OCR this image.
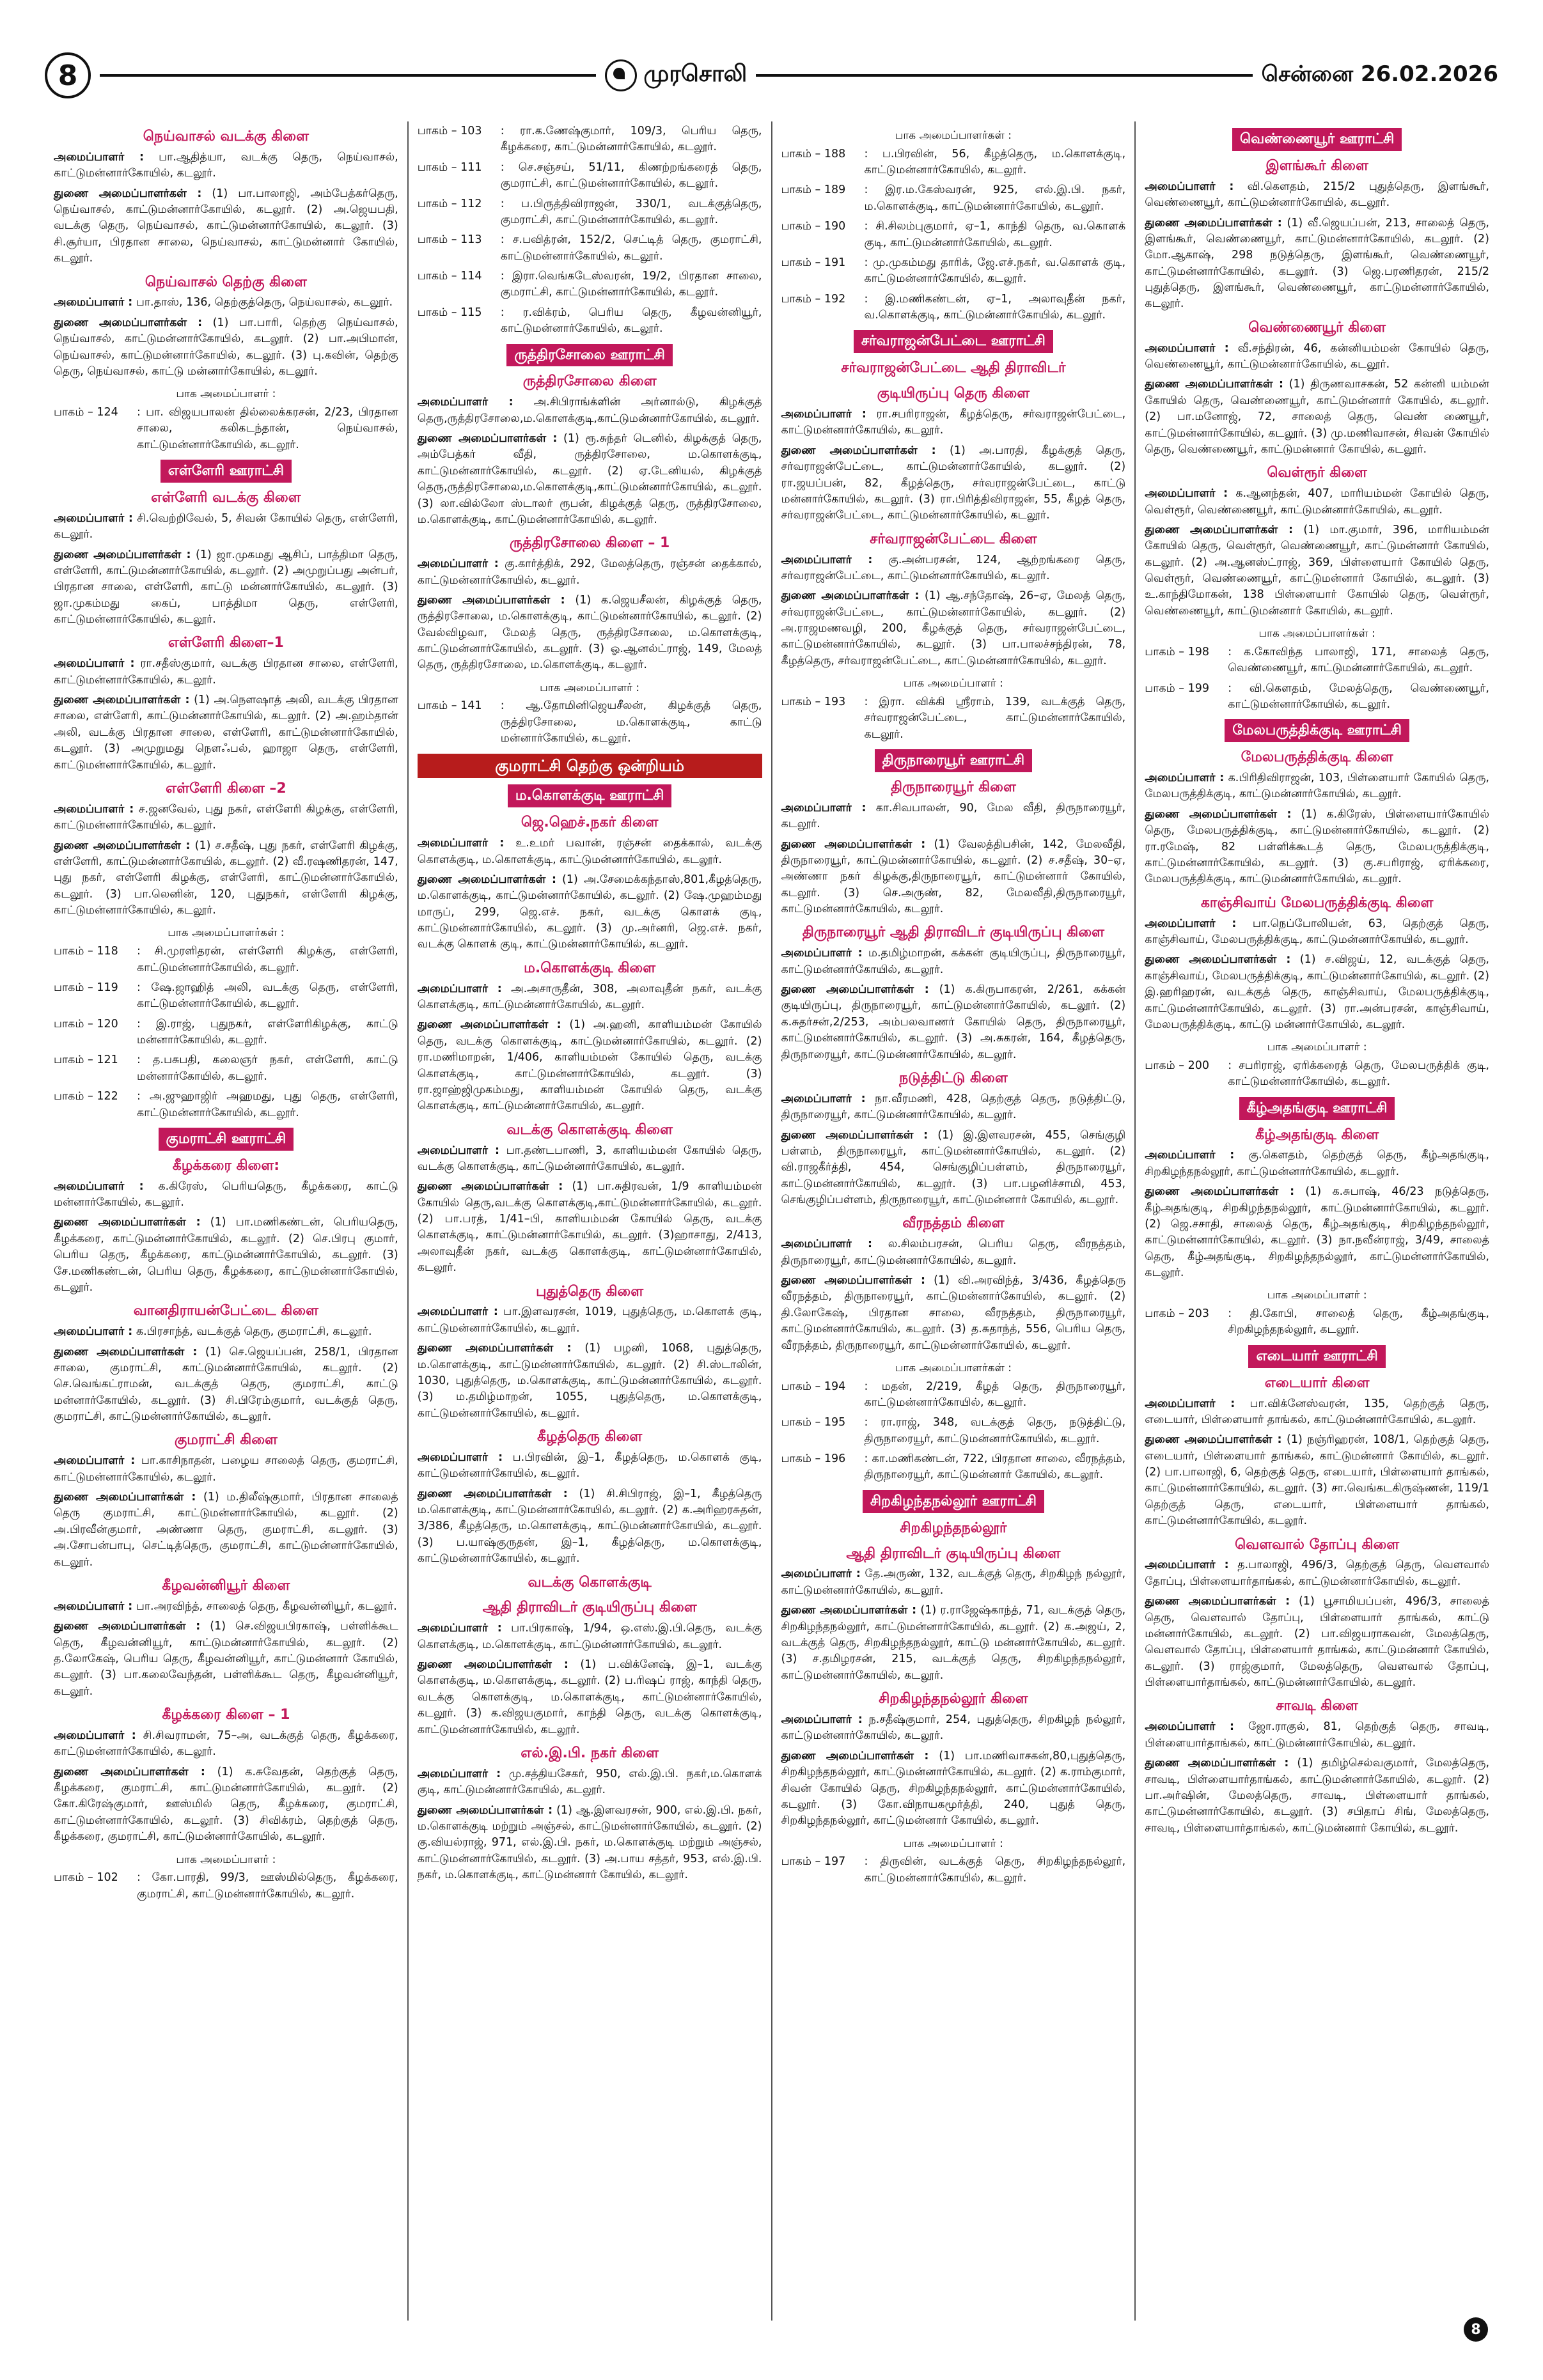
8	முரசொலி	சென்னை 26.02.2026
நெய்வாசல் வடக்கு கிளை

அமைப்பாளர் : பா.ஆதித்யா, வடக்கு தெரு, நெய்வாசல், காட்டுமன்னார்கோயில், கடலூர்.

துணை அமைப்பாளர்கள் : (1) பா.பாலாஜி, அம்பேத்கர்தெரு, நெய்வாசல், காட்டுமன்னார்கோயில், கடலூர். (2) அ.ஜெயபதி, வடக்கு தெரு, நெய்வாசல், காட்டுமன்னார்கோயில், கடலூர். (3) சி.சூர்யா, பிரதான சாலை, நெய்வாசல், காட்டுமன்னார் கோயில், கடலூர்.

நெய்வாசல் தெற்கு கிளை

அமைப்பாளர் : பா.தாஸ், 136, தெற்குத்தெரு, நெய்வாசல், கடலூர்.

துணை அமைப்பாளர்கள் : (1) பா.பாரி, தெற்கு நெய்வாசல், நெய்வாசல், காட்டுமன்னார்கோயில், கடலூர். (2) பா.அபிமான், நெய்வாசல், காட்டுமன்னார்கோயில், கடலூர். (3) பு.கவின், தெற்கு தெரு, நெய்வாசல், காட்டு மன்னார்கோயில், கடலூர்.

பாக அமைப்பாளர் :
பாகம் – 124	: பா. விஜயபாலன் தில்லைக்கரசன், 2/23, பிரதான சாலை, கலிகடந்தான், நெய்வாசல், காட்டுமன்னார்கோயில், கடலூர்.
எள்ளேரி ஊராட்சி
எள்ளேரி வடக்கு கிளை

அமைப்பாளர் : சி.வெற்றிவேல், 5, சிவன் கோயில் தெரு, எள்ளேரி, கடலூர்.

துணை அமைப்பாளர்கள் : (1) ஜா.முகமது ஆசிப், பாத்திமா தெரு, எள்ளேரி, காட்டுமன்னார்கோயில், கடலூர். (2) அமுறுப்பது அன்பர், பிரதான சாலை, எள்ளேரி, காட்டு மன்னார்கோயில், கடலூர். (3) ஜா.முகம்மது கைப், பாத்திமா தெரு, எள்ளேரி, காட்டுமன்னார்கோயில், கடலூர்.

எள்ளேரி கிளை–1

அமைப்பாளர் : ரா.சதீஸ்குமார், வடக்கு பிரதான சாலை, எள்ளேரி, காட்டுமன்னார்கோயில், கடலூர்.

துணை அமைப்பாளர்கள் : (1) அ.நௌஷாத் அலி, வடக்கு பிரதான சாலை, எள்ளேரி, காட்டுமன்னார்கோயில், கடலூர். (2) அ.ஹம்தான் அலி, வடக்கு பிரதான சாலை, எள்ளேரி, காட்டுமன்னார்கோயில், கடலூர். (3) அமுறுமது நௌஃபல், ஹாஜா தெரு, எள்ளேரி, காட்டுமன்னார்கோயில், கடலூர்.

எள்ளேரி கிளை –2

அமைப்பாளர் : ச.ஜனவேல், புது நகர், எள்ளேரி கிழக்கு, எள்ளேரி, காட்டுமன்னார்கோயில், கடலூர்.

துணை அமைப்பாளர்கள் : (1) ச.சதீஷ், புது நகர், எள்ளேரி கிழக்கு, எள்ளேரி, காட்டுமன்னார்கோயில், கடலூர். (2) வீ.ரஷணிதரன், 147, புது நகர், எள்ளேரி கிழக்கு, எள்ளேரி, காட்டுமன்னார்கோயில், கடலூர். (3) பா.லெனின், 120, புதுநகர், எள்ளேரி கிழக்கு, காட்டுமன்னார்கோயில், கடலூர்.

பாக அமைப்பாளர்கள் :
பாகம் – 118	: சி.முரளிதரன், எள்ளேரி கிழக்கு, எள்ளேரி, காட்டுமன்னார்கோயில், கடலூர்.
பாகம் – 119	: ஷே.ஜாஹித் அலி, வடக்கு தெரு, எள்ளேரி, காட்டுமன்னார்கோயில், கடலூர்.
பாகம் – 120	: இ.ராஜ், புதுநகர், எள்ளேரிகிழக்கு, காட்டு மன்னார்கோயில், கடலூர்.
பாகம் – 121	: த.பசுபதி, கலைஞர் நகர், எள்ளேரி, காட்டு மன்னார்கோயில், கடலூர்.
பாகம் – 122	: அ.ஜுஹாஜிர் அஹமது, புது தெரு, எள்ளேரி, காட்டுமன்னார்கோயில், கடலூர்.
குமராட்சி ஊராட்சி
கீழக்கரை கிளை:

அமைப்பாளர் : க.கிரேஸ், பெரியதெரு, கீழக்கரை, காட்டு மன்னார்கோயில், கடலூர்.

துணை அமைப்பாளர்கள் : (1) பா.மணிகண்டன், பெரியதெரு, கீழக்கரை, காட்டுமன்னார்கோயில், கடலூர். (2) செ.பிரபு குமார், பெரிய தெரு, கீழக்கரை, காட்டுமன்னார்கோயில், கடலூர். (3) சே.மணிகண்டன், பெரிய தெரு, கீழக்கரை, காட்டுமன்னார்கோயில், கடலூர்.

வானதிராயன்பேட்டை கிளை

அமைப்பாளர் : க.பிரசாந்த், வடக்குத் தெரு, குமராட்சி, கடலூர்.

துணை அமைப்பாளர்கள் : (1) செ.ஜெயப்பன், 258/1, பிரதான சாலை, குமராட்சி, காட்டுமன்னார்கோயில், கடலூர். (2) செ.வெங்கட்ராமன், வடக்குத் தெரு, குமராட்சி, காட்டு மன்னார்கோயில், கடலூர். (3) சி.பிரேம்குமார், வடக்குத் தெரு, குமராட்சி, காட்டுமன்னார்கோயில், கடலூர்.

குமராட்சி கிளை

அமைப்பாளர் : பா.காசிநாதன், பழைய சாலைத் தெரு, குமராட்சி, காட்டுமன்னார்கோயில், கடலூர்.

துணை அமைப்பாளர்கள் : (1) ம.திலீஷ்குமார், பிரதான சாலைத் தெரு குமராட்சி, காட்டுமன்னார்கோயில், கடலூர். (2) அ.பிரவீன்குமார், அண்ணா தெரு, குமராட்சி, கடலூர். (3) அ.சோபன்பாபு, செட்டித்தெரு, குமராட்சி, காட்டுமன்னார்கோயில், கடலூர்.

கீழவன்னியூர் கிளை

அமைப்பாளர் : பா.அரவிந்த், சாலைத் தெரு, கீழவன்னியூர், கடலூர்.

துணை அமைப்பாளர்கள் : (1) செ.விஜயபிரகாஷ், பள்ளிக்கூட தெரு, கீழவன்னியூர், காட்டுமன்னார்கோயில், கடலூர். (2) த.லோகேஷ், பெரிய தெரு, கீழவன்னியூர், காட்டுமன்னார் கோயில், கடலூர். (3) பா.கலைவேந்தன், பள்ளிக்கூட தெரு, கீழவன்னியூர், கடலூர்.

கீழக்கரை கிளை – 1

அமைப்பாளர் : சி.சிவராமன், 75–அ, வடக்குத் தெரு, கீழக்கரை, காட்டுமன்னார்கோயில், கடலூர்.

துணை அமைப்பாளர்கள் : (1) க.சுவேதன், தெற்குத் தெரு, கீழக்கரை, குமராட்சி, காட்டுமன்னார்கோயில், கடலூர். (2) கோ.கிரேஷ்குமார், ஊஸ்மில் தெரு, கீழக்கரை, குமராட்சி, காட்டுமன்னார்கோயில், கடலூர். (3) சிவிக்ரம், தெற்குத் தெரு, கீழக்கரை, குமராட்சி, காட்டுமன்னார்கோயில், கடலூர்.

பாக அமைப்பாளர் :
பாகம் – 102	: கோ.பாரதி, 99/3, ஊஸ்மில்தெரு, கீழக்கரை, குமராட்சி, காட்டுமன்னார்கோயில், கடலூர்.
பாகம் – 103	: ரா.க.ணேஷ்குமார், 109/3, பெரிய தெரு, கீழக்கரை, காட்டுமன்னார்கோயில், கடலூர்.
பாகம் – 111	: செ.சஞ்சய், 51/11, கிணற்றங்கரைத் தெரு, குமராட்சி, காட்டுமன்னார்கோயில், கடலூர்.
பாகம் – 112	: ப.பிருத்திவிராஜன், 330/1, வடக்குத்தெரு, குமராட்சி, காட்டுமன்னார்கோயில், கடலூர்.
பாகம் – 113	: ச.பவித்ரன், 152/2, செட்டித் தெரு, குமராட்சி, காட்டுமன்னார்கோயில், கடலூர்.
பாகம் – 114	: இரா.வெங்கடேஸ்வரன், 19/2, பிரதான சாலை, குமராட்சி, காட்டுமன்னார்கோயில், கடலூர்.
பாகம் – 115	: ர.விக்ரம், பெரிய தெரு, கீழவன்னியூர், காட்டுமன்னார்கோயில், கடலூர்.
ருத்திரசோலை ஊராட்சி
ருத்திரசோலை கிளை

அமைப்பாளர் : அ.சிபிராங்க்ளின் அர்னால்டு, கிழக்குத் தெரு,ருத்திரசோலை,ம.கொளக்குடி,காட்டுமன்னார்கோயில், கடலூர்.

துணை அமைப்பாளர்கள் : (1) ரூ.சுந்தர் டெனில், கிழக்குத் தெரு, அம்பேத்கர் வீதி, ருத்திரசோலை, ம.கொளக்குடி, காட்டுமன்னார்கோயில், கடலூர். (2) ஏ.டேனியல், கிழக்குத் தெரு,ருத்திரசோலை,ம.கொளக்குடி,காட்டுமன்னார்கோயில், கடலூர். (3) லா.வில்லோ ஸ்டாலர் ரூபன், கிழக்குத் தெரு, ருத்திரசோலை, ம.கொளக்குடி, காட்டுமன்னார்கோயில், கடலூர்.

ருத்திரசோலை கிளை – 1

அமைப்பாளர் : கு.கார்த்திக், 292, மேலத்தெரு, ரஞ்சன் தைக்கால், காட்டுமன்னார்கோயில், கடலூர்.

துணை அமைப்பாளர்கள் : (1) க.ஜெயசீலன், கிழக்குத் தெரு, ருத்திரசோலை, ம.கொளக்குடி, காட்டுமன்னார்கோயில், கடலூர். (2) வேல்விழவா, மேலத் தெரு, ருத்திரசோலை, ம.கொளக்குடி, காட்டுமன்னார்கோயில், கடலூர். (3) ஓ.ஆனல்ட்ராஜ், 149, மேலத் தெரு, ருத்திரசோலை, ம.கொளக்குடி, கடலூர்.

பாக அமைப்பாளர் :
பாகம் – 141	: ஆ.தோமினிஜெயசீலன், கிழக்குத் தெரு, ருத்திரசோலை, ம.கொளக்குடி, காட்டு மன்னார்கோயில், கடலூர்.
குமராட்சி தெற்கு ஒன்றியம்
ம.கொளக்குடி ஊராட்சி
ஜெ.ஹெச்.நகர் கிளை

அமைப்பாளர் : உ.உமர் பவான், ரஞ்சன் தைக்கால், வடக்கு கொளக்குடி, ம.கொளக்குடி, காட்டுமன்னார்கோயில், கடலூர்.

துணை அமைப்பாளர்கள் : (1) அ.சேமைக்கந்தாஸ்,801,கீழத்தெரு, ம.கொளக்குடி, காட்டுமன்னார்கோயில், கடலூர். (2) ஷே.முஹம்மது மாருப், 299, ஜெ.எச். நகர், வடக்கு கொளக் குடி, காட்டுமன்னார்கோயில், கடலூர். (3) மு.அர்னரி, ஜெ.எச். நகர், வடக்கு கொளக் குடி, காட்டுமன்னார்கோயில், கடலூர்.

ம.கொளக்குடி கிளை

அமைப்பாளர் : அ.அசாருதீன், 308, அலாவுதீன் நகர், வடக்கு கொளக்குடி, காட்டுமன்னார்கோயில், கடலூர்.

துணை அமைப்பாளர்கள் : (1) அ.ஹனி, காளியம்மன் கோயில் தெரு, வடக்கு கொளக்குடி, காட்டுமன்னார்கோயில், கடலூர். (2) ரா.மணிமாறன், 1/406, காளியம்மன் கோயில் தெரு, வடக்கு கொளக்குடி, காட்டுமன்னார்கோயில், கடலூர். (3) ரா.ஜாஹ்ஜிமுகம்மது, காளியம்மன் கோயில் தெரு, வடக்கு கொளக்குடி, காட்டுமன்னார்கோயில், கடலூர்.

வடக்கு கொளக்குடி கிளை

அமைப்பாளர் : பா.தண்டபாணி, 3, காளியம்மன் கோயில் தெரு, வடக்கு கொளக்குடி, காட்டுமன்னார்கோயில், கடலூர்.

துணை அமைப்பாளர்கள் : (1) பா.சுதிரவன், 1/9 காளியம்மன் கோயில் தெரு,வடக்கு கொளக்குடி,காட்டுமன்னார்கோயில், கடலூர். (2) பா.பரத், 1/41–பி, காளியம்மன் கோயில் தெரு, வடக்கு கொளக்குடி, காட்டுமன்னார்கோயில், கடலூர். (3)ஹாசாது, 2/413, அலாவுதீன் நகர், வடக்கு கொளக்குடி, காட்டுமன்னார்கோயில், கடலூர்.

புதுத்தெரு கிளை

அமைப்பாளர் : பா.இளவரசன், 1019, புதுத்தெரு, ம.கொளக் குடி, காட்டுமன்னார்கோயில், கடலூர்.

துணை அமைப்பாளர்கள் : (1) பழனி, 1068, புதுத்தெரு, ம.கொளக்குடி, காட்டுமன்னார்கோயில், கடலூர். (2) சி.ஸ்டாலின், 1030, புதுத்தெரு, ம.கொளக்குடி, காட்டுமன்னார்கோயில், கடலூர். (3) ம.தமிழ்மாறன், 1055, புதுத்தெரு, ம.கொளக்குடி, காட்டுமன்னார்கோயில், கடலூர்.

கீழத்தெரு கிளை

அமைப்பாளர் : ப.பிரவின், இ–1, கீழத்தெரு, ம.கொளக் குடி, காட்டுமன்னார்கோயில், கடலூர்.

துணை அமைப்பாளர்கள் : (1) சி.சிபிராஜ், இ–1, கீழத்தெரு ம.கொளக்குடி, காட்டுமன்னார்கோயில், கடலூர். (2) க.அரிஹரசுதன், 3/386, கீழத்தெரு, ம.கொளக்குடி, காட்டுமன்னார்கோயில், கடலூர். (3) ப.யாஷ்குருதன், இ–1, கீழத்தெரு, ம.கொளக்குடி, காட்டுமன்னார்கோயில், கடலூர்.

வடக்கு கொளக்குடி
ஆதி திராவிடர் குடியிருப்பு கிளை

அமைப்பாளர் : பா.பிரகாஷ், 1/94, ஒ.எஸ்.இ.பி.தெரு, வடக்கு கொளக்குடி, ம.கொளக்குடி, காட்டுமன்னார்கோயில், கடலூர்.

துணை அமைப்பாளர்கள் : (1) ப.விக்னேஷ், இ–1, வடக்கு கொளக்குடி, ம.கொளக்குடி, கடலூர். (2) ப.ரிஷப் ராஜ், காந்தி தெரு, வடக்கு கொளக்குடி, ம.கொளக்குடி, காட்டுமன்னார்கோயில், கடலூர். (3) க.விஜயகுமார், காந்தி தெரு, வடக்கு கொளக்குடி, காட்டுமன்னார்கோயில், கடலூர்.

எல்.இ.பி. நகர் கிளை

அமைப்பாளர் : மு.சத்தியசேகர், 950, எல்.இ.பி. நகர்,ம.கொளக் குடி, காட்டுமன்னார்கோயில், கடலூர்.

துணை அமைப்பாளர்கள் : (1) ஆ.இளவரசன், 900, எல்.இ.பி. நகர், ம.கொளக்குடி மற்றும் அஞ்சல், காட்டுமன்னார்கோயில், கடலூர். (2) கு.வியல்ராஜ், 971, எல்.இ.பி. நகர், ம.கொளக்குடி மற்றும் அஞ்சல், காட்டுமன்னார்கோயில், கடலூர். (3) அ.பாய சத்தர், 953, எல்.இ.பி. நகர், ம.கொளக்குடி, காட்டுமன்னார் கோயில், கடலூர்.

பாக அமைப்பாளர்கள் :
பாகம் – 188	: ப.பிரவின், 56, கீழத்தெரு, ம.கொளக்குடி, காட்டுமன்னார்கோயில், கடலூர்.
பாகம் – 189	: இர.ம.கேஸ்வரன், 925, எல்.இ.பி. நகர், ம.கொளக்குடி, காட்டுமன்னார்கோயில், கடலூர்.
பாகம் – 190	: சி.சிலம்புகுமார், ஏ–1, காந்தி தெரு, வ.கொளக் குடி, காட்டுமன்னார்கோயில், கடலூர்.
பாகம் – 191	: மு.முகம்மது தாரிக், ஜே.எச்.நகர், வ.கொளக் குடி, காட்டுமன்னார்கோயில், கடலூர்.
பாகம் – 192	: இ.மணிகண்டன், ஏ–1, அலாவுதீன் நகர், வ.கொளக்குடி, காட்டுமன்னார்கோயில், கடலூர்.
சர்வராஜன்பேட்டை ஊராட்சி
சர்வராஜன்பேட்டை ஆதி திராவிடர்
குடியிருப்பு தெரு கிளை

அமைப்பாளர் : ரா.சபரிராஜன், கீழத்தெரு, சர்வராஜன்பேட்டை, காட்டுமன்னார்கோயில், கடலூர்.

துணை அமைப்பாளர்கள் : (1) அ.பாரதி, கீழக்குத் தெரு, சர்வராஜன்பேட்டை, காட்டுமன்னார்கோயில், கடலூர். (2) ரா.ஜயப்பன், 82, கீழத்தெரு, சர்வராஜன்பேட்டை, காட்டு மன்னார்கோயில், கடலூர். (3) ரா.பிரித்திவிராஜன், 55, கீழத் தெரு, சர்வராஜன்பேட்டை, காட்டுமன்னார்கோயில், கடலூர்.

சர்வராஜன்பேட்டை கிளை

அமைப்பாளர் : கு.அன்பரசன், 124, ஆற்றங்கரை தெரு, சர்வராஜன்பேட்டை, காட்டுமன்னார்கோயில், கடலூர்.

துணை அமைப்பாளர்கள் : (1) ஆ.சந்தோஷ், 26–ஏ, மேலத் தெரு, சர்வராஜன்பேட்டை, காட்டுமன்னார்கோயில், கடலூர். (2) அ.ராஜமணவழி, 200, கீழக்குத் தெரு, சர்வராஜன்பேட்டை, காட்டுமன்னார்கோயில், கடலூர். (3) பா.பாலச்சந்திரன், 78, கீழத்தெரு, சர்வராஜன்பேட்டை, காட்டுமன்னார்கோயில், கடலூர்.

பாக அமைப்பாளர் :
பாகம் – 193	: இரா. விக்கி ஸ்ரீராம், 139, வடக்குத் தெரு, சர்வராஜன்பேட்டை, காட்டுமன்னார்கோயில், கடலூர்.
திருநாரையூர் ஊராட்சி
திருநாரையூர் கிளை

அமைப்பாளர் : கா.சிவபாலன், 90, மேல வீதி, திருநாரையூர், கடலூர்.

துணை அமைப்பாளர்கள் : (1) வேலத்திபசின், 142, மேலவீதி, திருநாரையூர், காட்டுமன்னார்கோயில், கடலூர். (2) ச.சதீஷ், 30–ஏ, அண்ணா நகர் கிழக்கு,திருநாரையூர், காட்டுமன்னார் கோயில், கடலூர். (3) செ.அருண், 82, மேலவீதி,திருநாரையூர், காட்டுமன்னார்கோயில், கடலூர்.

திருநாரையூர் ஆதி திராவிடர் குடியிருப்பு கிளை

அமைப்பாளர் : ம.தமிழ்மாறன், கக்கன் குடியிருப்பு, திருநாரையூர், காட்டுமன்னார்கோயில், கடலூர்.

துணை அமைப்பாளர்கள் : (1) க.கிருபாகரன், 2/261, கக்கன் குடியிருப்பு, திருநாரையூர், காட்டுமன்னார்கோயில், கடலூர். (2) க.சுதர்சன்,2/253, அம்பலவாணர் கோயில் தெரு, திருநாரையூர், காட்டுமன்னார்கோயில், கடலூர். (3) அ.சுகரன், 164, கீழத்தெரு, திருநாரையூர், காட்டுமன்னார்கோயில், கடலூர்.

நடுத்திட்டு கிளை

அமைப்பாளர் : நா.வீரமணி, 428, தெற்குத் தெரு, நடுத்திட்டு, திருநாரையூர், காட்டுமன்னார்கோயில், கடலூர்.

துணை அமைப்பாளர்கள் : (1) இ.இளவரசன், 455, செங்குழி பள்ளம், திருநாரையூர், காட்டுமன்னார்கோயில், கடலூர். (2) வி.ராஜகீர்த்தி, 454, செங்குழிப்பள்ளம், திருநாரையூர், காட்டுமன்னார்கோயில், கடலூர். (3) பா.பழனிச்சாமி, 453, செங்குழிப்பள்ளம், திருநாரையூர், காட்டுமன்னார் கோயில், கடலூர்.

வீரநத்தம் கிளை

அமைப்பாளர் : ல.சிலம்பரசன், பெரிய தெரு, வீரநத்தம், திருநாரையூர், காட்டுமன்னார்கோயில், கடலூர்.

துணை அமைப்பாளர்கள் : (1) வி.அரவிந்த், 3/436, கீழத்தெரு வீரநத்தம், திருநாரையூர், காட்டுமன்னார்கோயில், கடலூர். (2) தி.லோகேஷ், பிரதான சாலை, வீரநத்தம், திருநாரையூர், காட்டுமன்னார்கோயில், கடலூர். (3) த.சுதாந்த், 556, பெரிய தெரு, வீரநத்தம், திருநாரையூர், காட்டுமன்னார்கோயில், கடலூர்.

பாக அமைப்பாளர்கள் :
பாகம் – 194	: மதன், 2/219, கீழத் தெரு, திருநாரையூர், காட்டுமன்னார்கோயில், கடலூர்.
பாகம் – 195	: ரா.ராஜ், 348, வடக்குத் தெரு, நடுத்திட்டு, திருநாரையூர், காட்டுமன்னார்கோயில், கடலூர்.
பாகம் – 196	: கா.மணிகண்டன், 722, பிரதான சாலை, வீரநத்தம், திருநாரையூர், காட்டுமன்னார் கோயில், கடலூர்.
சிறகிழந்தநல்லூர் ஊராட்சி
சிறகிழந்தநல்லூர்
ஆதி திராவிடர் குடியிருப்பு கிளை

அமைப்பாளர் : தே.அருண், 132, வடக்குத் தெரு, சிறகிழந் நல்லூர், காட்டுமன்னார்கோயில், கடலூர்.

துணை அமைப்பாளர்கள் : (1) ர.ராஜேஷ்காந்த், 71, வடக்குத் தெரு, சிறகிழந்தநல்லூர், காட்டுமன்னார்கோயில், கடலூர். (2) க.அஜய், 2, வடக்குத் தெரு, சிறகிழந்தநல்லூர், காட்டு மன்னார்கோயில், கடலூர். (3) ச.தமிழரசன், 215, வடக்குத் தெரு, சிறகிழந்தநல்லூர், காட்டுமன்னார்கோயில், கடலூர்.

சிறகிழந்தநல்லூர் கிளை

அமைப்பாளர் : ந.சதீஷ்குமார், 254, புதுத்தெரு, சிறகிழந் நல்லூர், காட்டுமன்னார்கோயில், கடலூர்.

துணை அமைப்பாளர்கள் : (1) பா.மணிவாசகன்,80,புதுத்தெரு, சிறகிழந்தநல்லூர், காட்டுமன்னார்கோயில், கடலூர். (2) க.ராம்குமார், சிவன் கோயில் தெரு, சிறகிழந்தநல்லூர், காட்டுமன்னார்கோயில், கடலூர். (3) கோ.விநாயகமூர்த்தி, 240, புதுத் தெரு, சிறகிழந்தநல்லூர், காட்டுமன்னார் கோயில், கடலூர்.

பாக அமைப்பாளர் :
பாகம் – 197	: திருவின், வடக்குத் தெரு, சிறகிழந்தநல்லூர், காட்டுமன்னார்கோயில், கடலூர்.
வெண்ணையூர் ஊராட்சி
இளங்கூர் கிளை

அமைப்பாளர் : வி.கௌதம், 215/2 புதுத்தெரு, இளங்கூர், வெண்ணையூர், காட்டுமன்னார்கோயில், கடலூர்.

துணை அமைப்பாளர்கள் : (1) வீ.ஜெயப்பன், 213, சாலைத் தெரு, இளங்கூர், வெண்ணையூர், காட்டுமன்னார்கோயில், கடலூர். (2) மோ.ஆகாஷ், 298 நடுத்தெரு, இளங்கூர், வெண்ணையூர், காட்டுமன்னார்கோயில், கடலூர். (3) ஜெ.பரணிதரன், 215/2 புதுத்தெரு, இளங்கூர், வெண்ணையூர், காட்டுமன்னார்கோயில், கடலூர்.

வெண்ணையூர் கிளை

அமைப்பாளர் : வீ.சந்திரன், 46, கன்னியம்மன் கோயில் தெரு, வெண்ணையூர், காட்டுமன்னார்கோயில், கடலூர்.

துணை அமைப்பாளர்கள் : (1) திருணவாசகன், 52 கன்னி யம்மன் கோயில் தெரு, வெண்ணையூர், காட்டுமன்னார் கோயில், கடலூர். (2) பா.மனோஜ், 72, சாலைத் தெரு, வெண் ணையூர், காட்டுமன்னார்கோயில், கடலூர். (3) மு.மணிவாசன், சிவன் கோயில் தெரு, வெண்ணையூர், காட்டுமன்னார் கோயில், கடலூர்.

வெள்ரூர் கிளை

அமைப்பாளர் : க.ஆனந்தன், 407, மாரியம்மன் கோயில் தெரு, வெள்ரூர், வெண்ணையூர், காட்டுமன்னார்கோயில், கடலூர்.

துணை அமைப்பாளர்கள் : (1) மா.குமார், 396, மாரியம்மன் கோயில் தெரு, வெள்ரூர், வெண்ணையூர், காட்டுமன்னார் கோயில், கடலூர். (2) அ.ஆனஸ்ட்ராஜ், 369, பிள்ளையார் கோயில் தெரு, வெள்ரூர், வெண்ணையூர், காட்டுமன்னார் கோயில், கடலூர். (3) உ.காந்திமோகன், 138 பிள்ளையார் கோயில் தெரு, வெள்ரூர், வெண்ணையூர், காட்டுமன்னார் கோயில், கடலூர்.

பாக அமைப்பாளர்கள் :
பாகம் – 198	: க.கோவிந்த பாலாஜி, 171, சாலைத் தெரு, வெண்ணையூர், காட்டுமன்னார்கோயில், கடலூர்.
பாகம் – 199	: வி.கௌதம், மேலத்தெரு, வெண்ணையூர், காட்டுமன்னார்கோயில், கடலூர்.
மேலபருத்திக்குடி ஊராட்சி
மேலபருத்திக்குடி கிளை

அமைப்பாளர் : க.பிரிதிவிராஜன், 103, பிள்ளையார் கோயில் தெரு, மேலபருத்திக்குடி, காட்டுமன்னார்கோயில், கடலூர்.

துணை அமைப்பாளர்கள் : (1) க.கிரேஸ், பிள்ளையார்கோயில் தெரு, மேலபருத்திக்குடி, காட்டுமன்னார்கோயில், கடலூர். (2) ரா.ரமேஷ், 82 பள்ளிக்கூடத் தெரு, மேலபருத்திக்குடி, காட்டுமன்னார்கோயில், கடலூர். (3) கு.சபரிராஜ், ஏரிக்கரை, மேலபருத்திக்குடி, காட்டுமன்னார்கோயில், கடலூர்.

காஞ்சிவாய் மேலபருத்திக்குடி கிளை

அமைப்பாளர் : பா.நெப்போலியன், 63, தெற்குத் தெரு, காஞ்சிவாய், மேலபருத்திக்குடி, காட்டுமன்னார்கோயில், கடலூர்.

துணை அமைப்பாளர்கள் : (1) ச.விஜய், 12, வடக்குத் தெரு, காஞ்சிவாய், மேலபருத்திக்குடி, காட்டுமன்னார்கோயில், கடலூர். (2) இ.ஹரிஹரன், வடக்குத் தெரு, காஞ்சிவாய், மேலபருத்திக்குடி, காட்டுமன்னார்கோயில், கடலூர். (3) ரா.அன்பரசன், காஞ்சிவாய், மேலபருத்திக்குடி, காட்டு மன்னார்கோயில், கடலூர்.

பாக அமைப்பாளர் :
பாகம் – 200	: சபரிராஜ், ஏரிக்கரைத் தெரு, மேலபருத்திக் குடி, காட்டுமன்னார்கோயில், கடலூர்.
கீழ்அதங்குடி ஊராட்சி
கீழ்அதங்குடி கிளை

அமைப்பாளர் : கு.கௌதம், தெற்குத் தெரு, கீழ்அதங்குடி, சிறகிழந்தநல்லூர், காட்டுமன்னார்கோயில், கடலூர்.

துணை அமைப்பாளர்கள் : (1) க.சுபாஷ், 46/23 நடுத்தெரு, கீழ்அதங்குடி, சிறகிழந்தநல்லூர், காட்டுமன்னார்கோயில், கடலூர். (2) ஜெ.சசாதி, சாலைத் தெரு, கீழ்அதங்குடி, சிறகிழந்தநல்லூர், காட்டுமன்னார்கோயில், கடலூர். (3) நா.நவீன்ராஜ், 3/49, சாலைத் தெரு, கீழ்அதங்குடி, சிறகிழந்தநல்லூர், காட்டுமன்னார்கோயில், கடலூர்.

பாக அமைப்பாளர் :
பாகம் – 203	: தி.கோபி, சாலைத் தெரு, கீழ்அதங்குடி, சிறகிழந்தநல்லூர், கடலூர்.
எடையார் ஊராட்சி
எடையார் கிளை

அமைப்பாளர் : பா.விக்னேஸ்வரன், 135, தெற்குத் தெரு, எடையார், பிள்ளையார் தாங்கல், காட்டுமன்னார்கோயில், கடலூர்.

துணை அமைப்பாளர்கள் : (1) நஞ்ரிஹரன், 108/1, தெற்குத் தெரு, எடையார், பிள்ளையார் தாங்கல், காட்டுமன்னார் கோயில், கடலூர். (2) பா.பாலாஜி, 6, தெற்குத் தெரு, எடையார், பிள்ளையார் தாங்கல், காட்டுமன்னார்கோயில், கடலூர். (3) சா.வெங்கடகிருஷ்ணன், 119/1 தெற்குத் தெரு, எடையார், பிள்ளையார் தாங்கல், காட்டுமன்னார்கோயில், கடலூர்.

வெளவால் தோப்பு கிளை

அமைப்பாளர் : த.பாலாஜி, 496/3, தெற்குத் தெரு, வெளவால் தோப்பு, பிள்ளையார்தாங்கல், காட்டுமன்னார்கோயில், கடலூர்.

துணை அமைப்பாளர்கள் : (1) பூசாமியப்பன், 496/3, சாலைத் தெரு, வெளவால் தோப்பு, பிள்ளையார் தாங்கல், காட்டு மன்னார்கோயில், கடலூர். (2) பா.விஜயராகவன், மேலத்தெரு, வெளவால் தோப்பு, பிள்ளையார் தாங்கல், காட்டுமன்னார் கோயில், கடலூர். (3) ராஜ்குமார், மேலத்தெரு, வெளவால் தோப்பு, பிள்ளையார்தாங்கல், காட்டுமன்னார்கோயில், கடலூர்.

சாவடி கிளை

அமைப்பாளர் : ஜோ.ராகுல், 81, தெற்குத் தெரு, சாவடி, பிள்ளையார்தாங்கல், காட்டுமன்னார்கோயில், கடலூர்.

துணை அமைப்பாளர்கள் : (1) தமிழ்செல்வகுமார், மேலத்தெரு, சாவடி, பிள்ளையார்தாங்கல், காட்டுமன்னார்கோயில், கடலூர். (2) பா.அர்ஷின், மேலத்தெரு, சாவடி, பிள்ளையார் தாங்கல், காட்டுமன்னார்கோயில், கடலூர். (3) சபிதாப் சிங், மேலத்தெரு, சாவடி, பிள்ளையார்தாங்கல், காட்டுமன்னார் கோயில், கடலூர்.

8
